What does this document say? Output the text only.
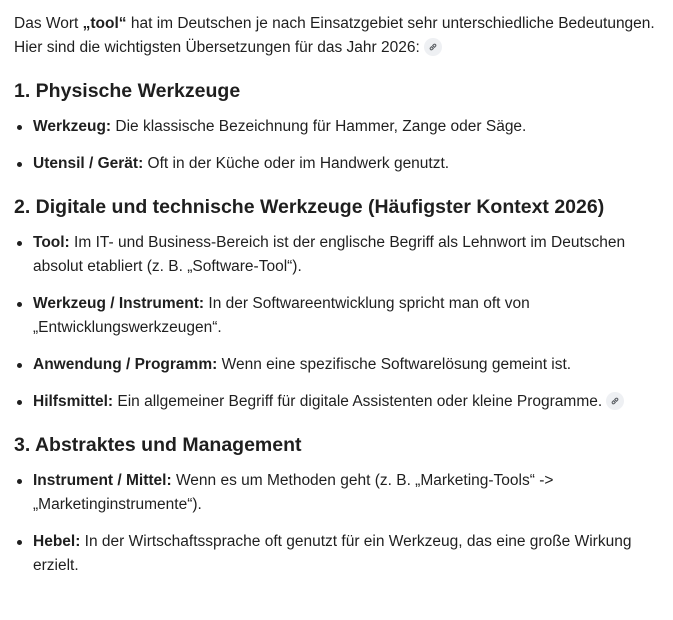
Das Wort „tool“ hat im Deutschen je nach Einsatzgebiet sehr unterschiedliche Bedeutungen. Hier sind die wichtigsten Übersetzungen für das Jahr 2026:

1. Physische Werkzeuge
Werkzeug: Die klassische Bezeichnung für Hammer, Zange oder Säge.
Utensil / Gerät: Oft in der Küche oder im Handwerk genutzt.
2. Digitale und technische Werkzeuge (Häufigster Kontext 2026)
Tool: Im IT- und Business-Bereich ist der englische Begriff als Lehnwort im Deutschen absolut etabliert (z. B. „Software-Tool“).
Werkzeug / Instrument: In der Softwareentwicklung spricht man oft von „Entwicklungswerkzeugen“.
Anwendung / Programm: Wenn eine spezifische Softwarelösung gemeint ist.
Hilfsmittel: Ein allgemeiner Begriff für digitale Assistenten oder kleine Programme.
3. Abstraktes und Management
Instrument / Mittel: Wenn es um Methoden geht (z. B. „Marketing-Tools“ -> „Marketinginstrumente“).
Hebel: In der Wirtschaftssprache oft genutzt für ein Werkzeug, das eine große Wirkung erzielt.
